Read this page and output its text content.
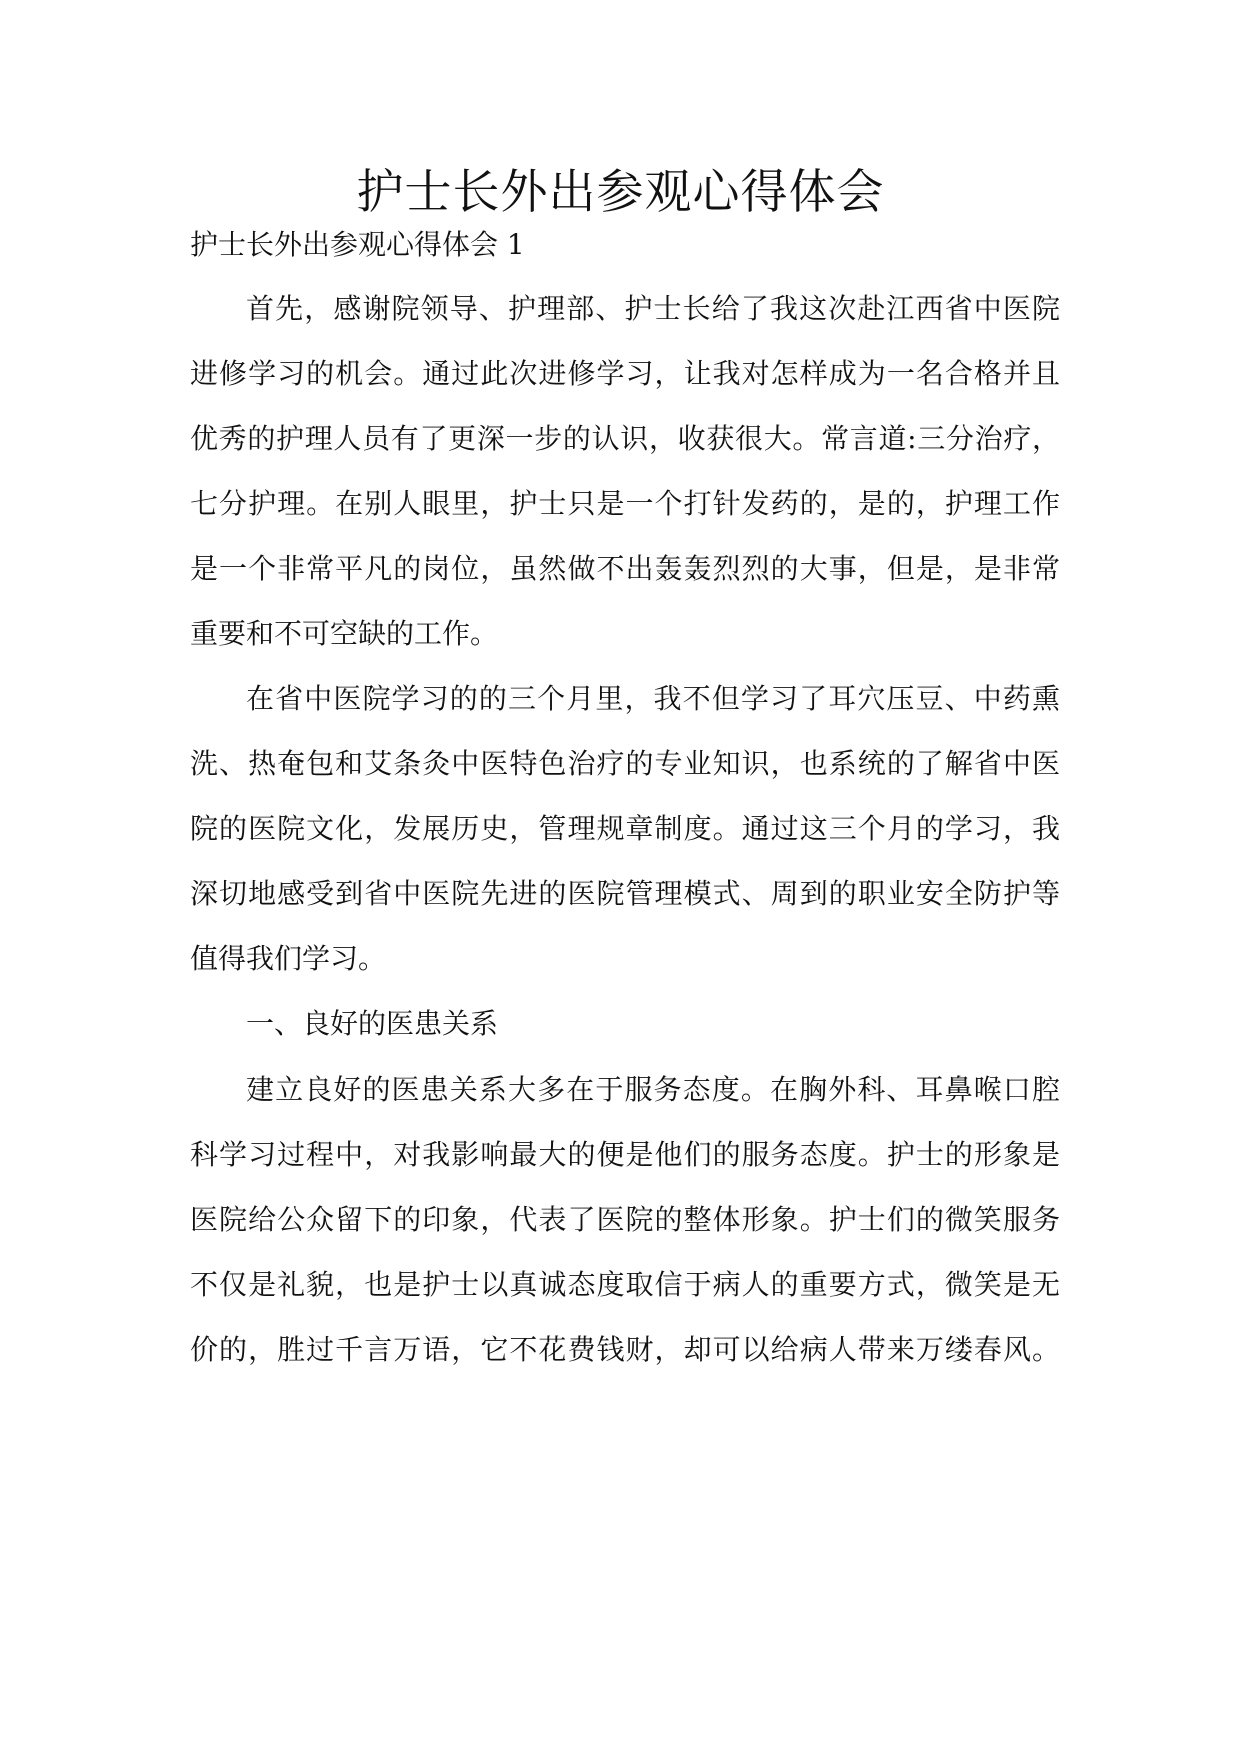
护士长外出参观心得体会
护士长外出参观心得体会 1
首先，感谢院领导、护理部、护士长给了我这次赴江西省中医院
进修学习的机会。通过此次进修学习，让我对怎样成为一名合格并且
优秀的护理人员有了更深一步的认识，收获很大。常言道:三分治疗，
七分护理。在别人眼里，护士只是一个打针发药的，是的，护理工作
是一个非常平凡的岗位，虽然做不出轰轰烈烈的大事，但是，是非常
重要和不可空缺的工作。
在省中医院学习的的三个月里，我不但学习了耳穴压豆、中药熏
洗、热奄包和艾条灸中医特色治疗的专业知识，也系统的了解省中医
院的医院文化，发展历史，管理规章制度。通过这三个月的学习，我
深切地感受到省中医院先进的医院管理模式、周到的职业安全防护等
值得我们学习。
一、良好的医患关系
建立良好的医患关系大多在于服务态度。在胸外科、耳鼻喉口腔
科学习过程中，对我影响最大的便是他们的服务态度。护士的形象是
医院给公众留下的印象，代表了医院的整体形象。护士们的微笑服务
不仅是礼貌，也是护士以真诚态度取信于病人的重要方式，微笑是无
价的，胜过千言万语，它不花费钱财，却可以给病人带来万缕春风。
